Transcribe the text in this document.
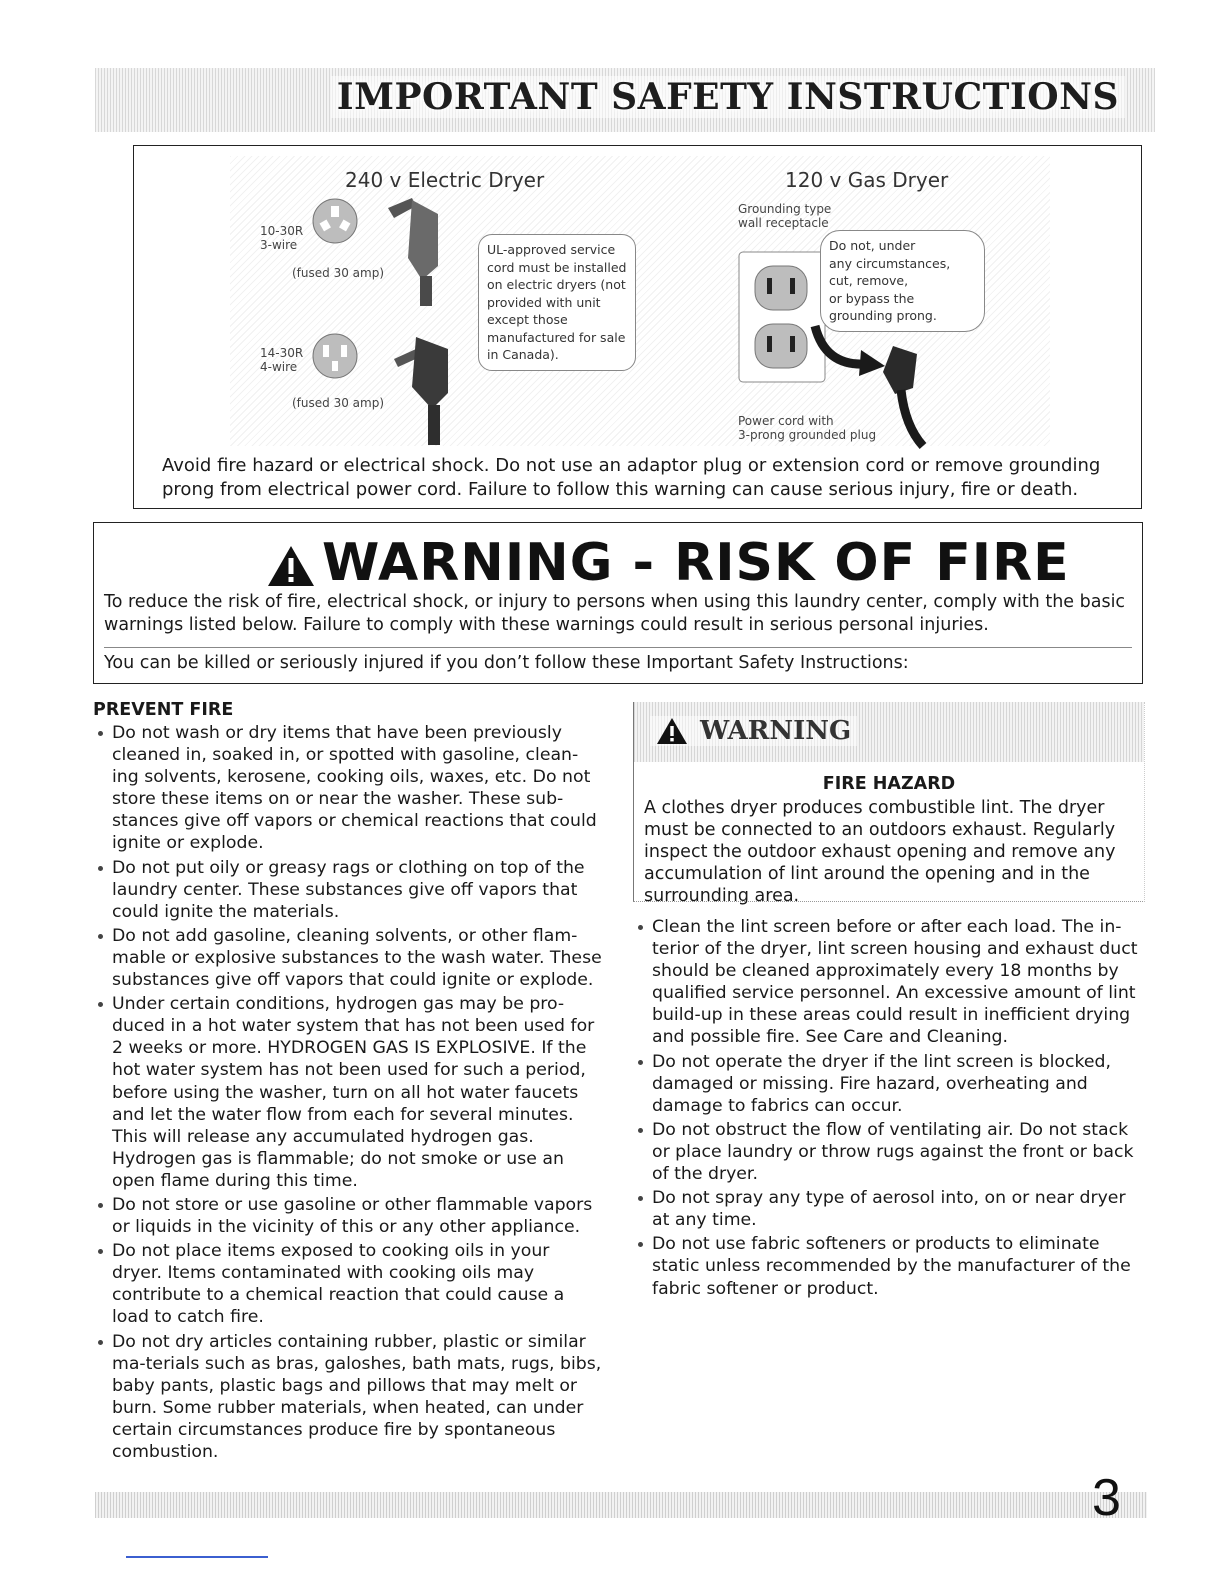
IMPORTANT SAFETY INSTRUCTIONS
240 v Electric Dryer	120 v Gas Dryer
10-30R
3-wire
(fused 30 amp)
14-30R
4-wire
(fused 30 amp)
UL-approved service
cord must be installed
on electric dryers (not
provided with unit
except those
manufactured for sale
in Canada).
Grounding type
wall receptacle
Do not, under
any circumstances,
cut, remove,
or bypass the
grounding prong.
Power cord with
3-prong grounded plug

Avoid fire hazard or electrical shock. Do not use an adaptor plug or extension cord or remove grounding prong from electrical power cord. Failure to follow this warning can cause serious injury, fire or death.

WARNING - RISK OF FIRE

To reduce the risk of fire, electrical shock, or injury to persons when using this laundry center, comply with the basic warnings listed below. Failure to comply with these warnings could result in serious personal injuries.

You can be killed or seriously injured if you don’t follow these Important Safety Instructions:

PREVENT FIRE
Do not wash or dry items that have been previously cleaned in, soaked in, or spotted with gasoline, clean-ing solvents, kerosene, cooking oils, waxes, etc. Do not store these items on or near the washer. These sub-stances give off vapors or chemical reactions that could ignite or explode.
Do not put oily or greasy rags or clothing on top of the laundry center. These substances give off vapors that could ignite the materials.
Do not add gasoline, cleaning solvents, or other flam-mable or explosive substances to the wash water. These substances give off vapors that could ignite or explode.
Under certain conditions, hydrogen gas may be pro-duced in a hot water system that has not been used for 2 weeks or more. HYDROGEN GAS IS EXPLOSIVE. If the hot water system has not been used for such a period, before using the washer, turn on all hot water faucets and let the water flow from each for several minutes. This will release any accumulated hydrogen gas. Hydrogen gas is flammable; do not smoke or use an open flame during this time.
Do not store or use gasoline or other flammable vapors or liquids in the vicinity of this or any other appliance.
Do not place items exposed to cooking oils in your dryer. Items contaminated with cooking oils may contribute to a chemical reaction that could cause a load to catch fire.
Do not dry articles containing rubber, plastic or similar ma-terials such as bras, galoshes, bath mats, rugs, bibs, baby pants, plastic bags and pillows that may melt or burn. Some rubber materials, when heated, can under certain circumstances produce fire by spontaneous combustion.
WARNING
FIRE HAZARD

A clothes dryer produces combustible lint. The dryer must be connected to an outdoors exhaust. Regularly inspect the outdoor exhaust opening and remove any accumulation of lint around the opening and in the surrounding area.

Clean the lint screen before or after each load. The in-terior of the dryer, lint screen housing and exhaust duct should be cleaned approximately every 18 months by qualified service personnel. An excessive amount of lint build-up in these areas could result in inefficient drying and possible fire. See Care and Cleaning.
Do not operate the dryer if the lint screen is blocked, damaged or missing. Fire hazard, overheating and damage to fabrics can occur.
Do not obstruct the flow of ventilating air. Do not stack or place laundry or throw rugs against the front or back of the dryer.
Do not spray any type of aerosol into, on or near dryer at any time.
Do not use fabric softeners or products to eliminate static unless recommended by the manufacturer of the fabric softener or product.
3
